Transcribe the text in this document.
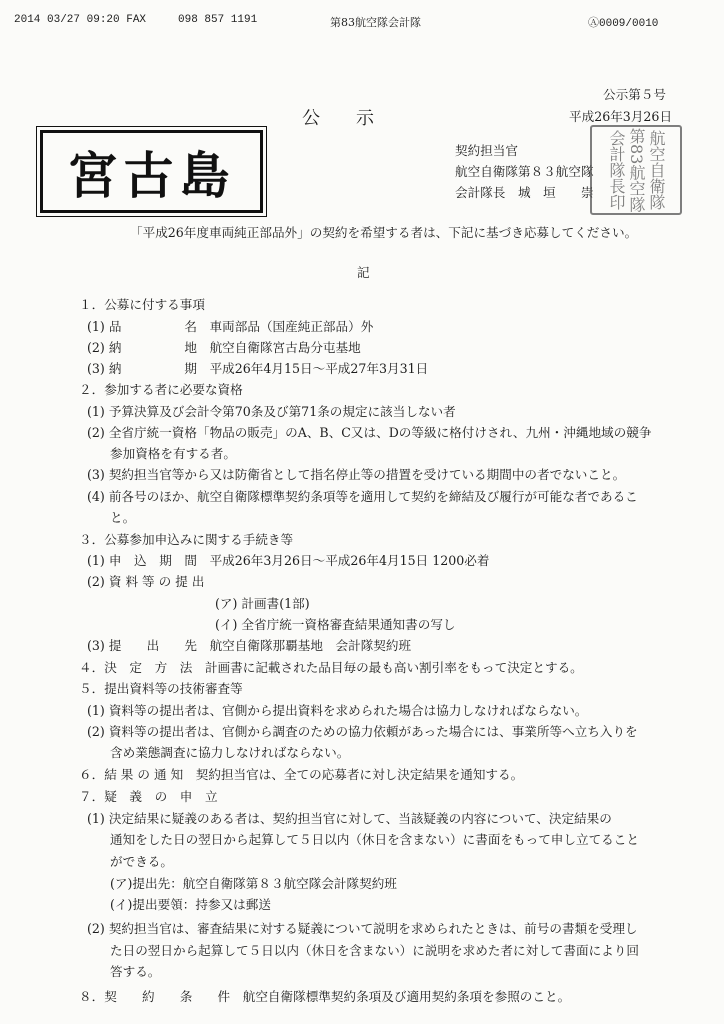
2014 03/27 09:20 FAX	098 857 1191	第83航空隊会計隊	Ⓐ0009/0010
公示第５号
平成26年3月26日
公　　示
宮古島	契約担当官
航空自衛隊第８３航空隊
会計隊長　城　垣　　崇	航空自衛隊第83航空隊会計隊長印
「平成26年度車両純正部品外」の契約を希望する者は、下記に基づき応募してください。
記
１．公募に付する事項
(1) 品　　　　　名　車両部品（国産純正部品）外
(2) 納　　　　　地　航空自衛隊宮古島分屯基地
(3) 納　　　　　期　平成26年4月15日～平成27年3月31日
２．参加する者に必要な資格
(1) 予算決算及び会計令第70条及び第71条の規定に該当しない者
(2) 全省庁統一資格「物品の販売」のA、B、C又は、Dの等級に格付けされ、九州・沖縄地域の競争
参加資格を有する者。
(3) 契約担当官等から又は防衛省として指名停止等の措置を受けている期間中の者でないこと。
(4) 前各号のほか、航空自衛隊標準契約条項等を適用して契約を締結及び履行が可能な者であるこ
と。
３．公募参加申込みに関する手続き等
(1) 申　込　期　間　平成26年3月26日～平成26年4月15日 1200必着
(2) 資 料 等 の 提 出
(ア) 計画書(1部)
(イ) 全省庁統一資格審査結果通知書の写し
(3) 提　　出　　先　航空自衛隊那覇基地　会計隊契約班
４．決　定　方　法　計画書に記載された品目毎の最も高い割引率をもって決定とする。
５．提出資料等の技術審査等
(1) 資料等の提出者は、官側から提出資料を求められた場合は協力しなければならない。
(2) 資料等の提出者は、官側から調査のための協力依頼があった場合には、事業所等へ立ち入りを
含め業態調査に協力しなければならない。
６．結 果 の 通 知　契約担当官は、全ての応募者に対し決定結果を通知する。
７．疑　義　の　申　立
(1) 決定結果に疑義のある者は、契約担当官に対して、当該疑義の内容について、決定結果の
通知をした日の翌日から起算して５日以内（休日を含まない）に書面をもって申し立てること
ができる。
(ア)提出先：航空自衛隊第８３航空隊会計隊契約班
(イ)提出要領：持参又は郵送
(2) 契約担当官は、審査結果に対する疑義について説明を求められたときは、前号の書類を受理し
た日の翌日から起算して５日以内（休日を含まない）に説明を求めた者に対して書面により回
答する。
８．契　　約　　条　　件　航空自衛隊標準契約条項及び適用契約条項を参照のこと。
